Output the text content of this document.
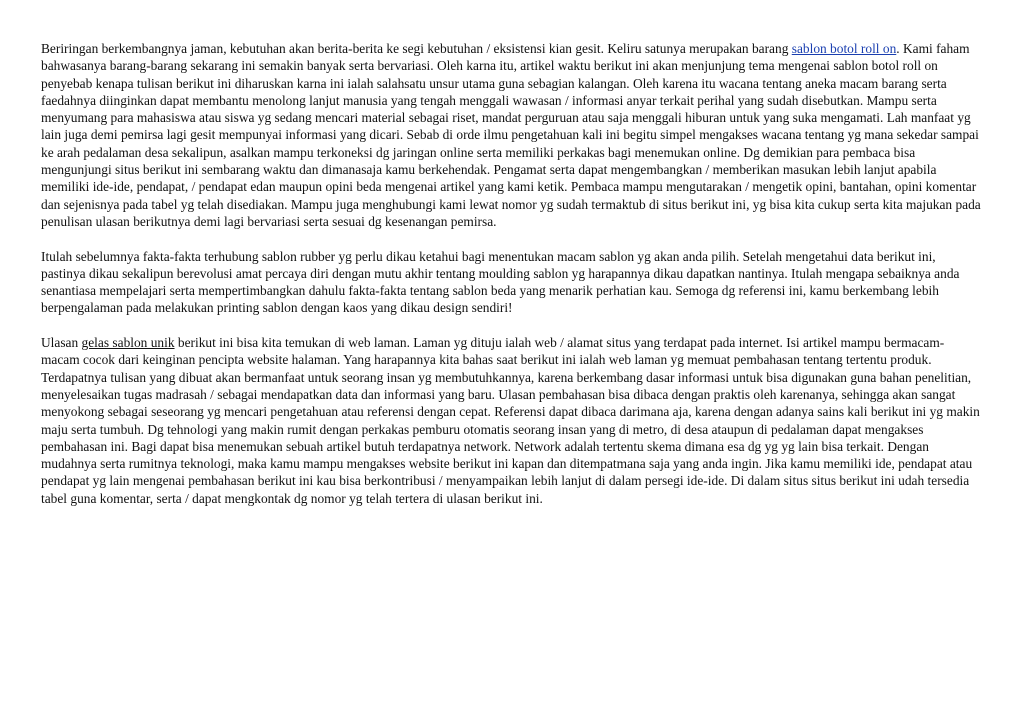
Beriringan berkembangnya jaman, kebutuhan akan berita-berita ke segi kebutuhan / eksistensi kian gesit. Keliru satunya merupakan barang sablon botol roll on. Kami faham bahwasanya barang-barang sekarang ini semakin banyak serta bervariasi. Oleh karna itu, artikel waktu berikut ini akan menjunjung tema mengenai sablon botol roll on penyebab kenapa tulisan berikut ini diharuskan karna ini ialah salahsatu unsur utama guna sebagian kalangan. Oleh karena itu wacana tentang aneka macam barang serta faedahnya diinginkan dapat membantu menolong lanjut manusia yang tengah menggali wawasan / informasi anyar terkait perihal yang sudah disebutkan. Mampu serta menyumang para mahasiswa atau siswa yg sedang mencari material sebagai riset, mandat perguruan atau saja menggali hiburan untuk yang suka mengamati. Lah manfaat yg lain juga demi pemirsa lagi gesit mempunyai informasi yang dicari. Sebab di orde ilmu pengetahuan kali ini begitu simpel mengakses wacana tentang yg mana sekedar sampai ke arah pedalaman desa sekalipun, asalkan mampu terkoneksi dg jaringan online serta memiliki perkakas bagi menemukan online. Dg demikian para pembaca bisa mengunjungi situs berikut ini sembarang waktu dan dimanasaja kamu berkehendak. Pengamat serta dapat mengembangkan / memberikan masukan lebih lanjut apabila memiliki ide-ide, pendapat, / pendapat edan maupun opini beda mengenai artikel yang kami ketik. Pembaca mampu mengutarakan / mengetik opini, bantahan, opini komentar dan sejenisnya pada tabel yg telah disediakan. Mampu juga menghubungi kami lewat nomor yg sudah termaktub di situs berikut ini, yg bisa kita cukup serta kita majukan pada penulisan ulasan berikutnya demi lagi bervariasi serta sesuai dg kesenangan pemirsa.

Itulah sebelumnya fakta-fakta terhubung sablon rubber yg perlu dikau ketahui bagi menentukan macam sablon yg akan anda pilih. Setelah mengetahui data berikut ini, pastinya dikau sekalipun berevolusi amat percaya diri dengan mutu akhir tentang moulding sablon yg harapannya dikau dapatkan nantinya. Itulah mengapa sebaiknya anda senantiasa mempelajari serta mempertimbangkan dahulu fakta-fakta tentang sablon beda yang menarik perhatian kau. Semoga dg referensi ini, kamu berkembang lebih berpengalaman pada melakukan printing sablon dengan kaos yang dikau design sendiri!

Ulasan gelas sablon unik berikut ini bisa kita temukan di web laman. Laman yg dituju ialah web / alamat situs yang terdapat pada internet. Isi artikel mampu bermacam-macam cocok dari keinginan pencipta website halaman. Yang harapannya kita bahas saat berikut ini ialah web laman yg memuat pembahasan tentang tertentu produk. Terdapatnya tulisan yang dibuat akan bermanfaat untuk seorang insan yg membutuhkannya, karena berkembang dasar informasi untuk bisa digunakan guna bahan penelitian, menyelesaikan tugas madrasah / sebagai mendapatkan data dan informasi yang baru. Ulasan pembahasan bisa dibaca dengan praktis oleh karenanya, sehingga akan sangat menyokong sebagai seseorang yg mencari pengetahuan atau referensi dengan cepat. Referensi dapat dibaca darimana aja, karena dengan adanya sains kali berikut ini yg makin maju serta tumbuh. Dg tehnologi yang makin rumit dengan perkakas pemburu otomatis seorang insan yang di metro, di desa ataupun di pedalaman dapat mengakses pembahasan ini. Bagi dapat bisa menemukan sebuah artikel butuh terdapatnya network. Network adalah tertentu skema dimana esa dg yg yg lain bisa terkait. Dengan mudahnya serta rumitnya teknologi, maka kamu mampu mengakses website berikut ini kapan dan ditempatmana saja yang anda ingin. Jika kamu memiliki ide, pendapat atau pendapat yg lain mengenai pembahasan berikut ini kau bisa berkontribusi / menyampaikan lebih lanjut di dalam persegi ide-ide. Di dalam situs situs berikut ini udah tersedia tabel guna komentar, serta / dapat mengkontak dg nomor yg telah tertera di ulasan berikut ini.
